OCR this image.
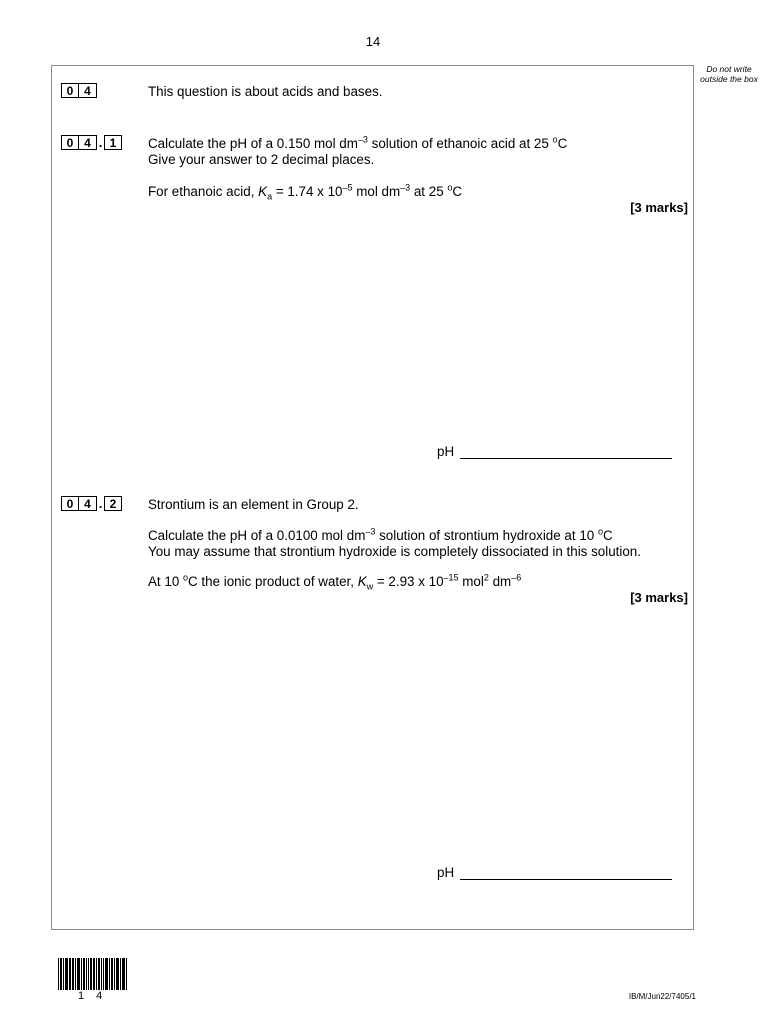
14
Do not write outside the box
0 4	This question is about acids and bases.
0 4 . 1	Calculate the pH of a 0.150 mol $dm^{-3}$ solution of ethanoic acid at 25 $^o$C
Give your answer to 2 decimal places.
For ethanoic acid, $K_a = 1.74$ x $10^{-5}$ mol $dm^{-3}$ at 25 $^o$C
[3 marks]
pH
0 4 . 2	Strontium is an element in Group 2.
Calculate the pH of a 0.0100 mol $dm^{-3}$ solution of strontium hydroxide at 10 $^o$C
You may assume that strontium hydroxide is completely dissociated in this solution.
At 10 $^o$C the ionic product of water, $K_w = 2.93$ x $10^{-15}$ mol$^2$ $dm^{-6}$
[3 marks]
pH
14	IB/M/Jun22/7405/1
